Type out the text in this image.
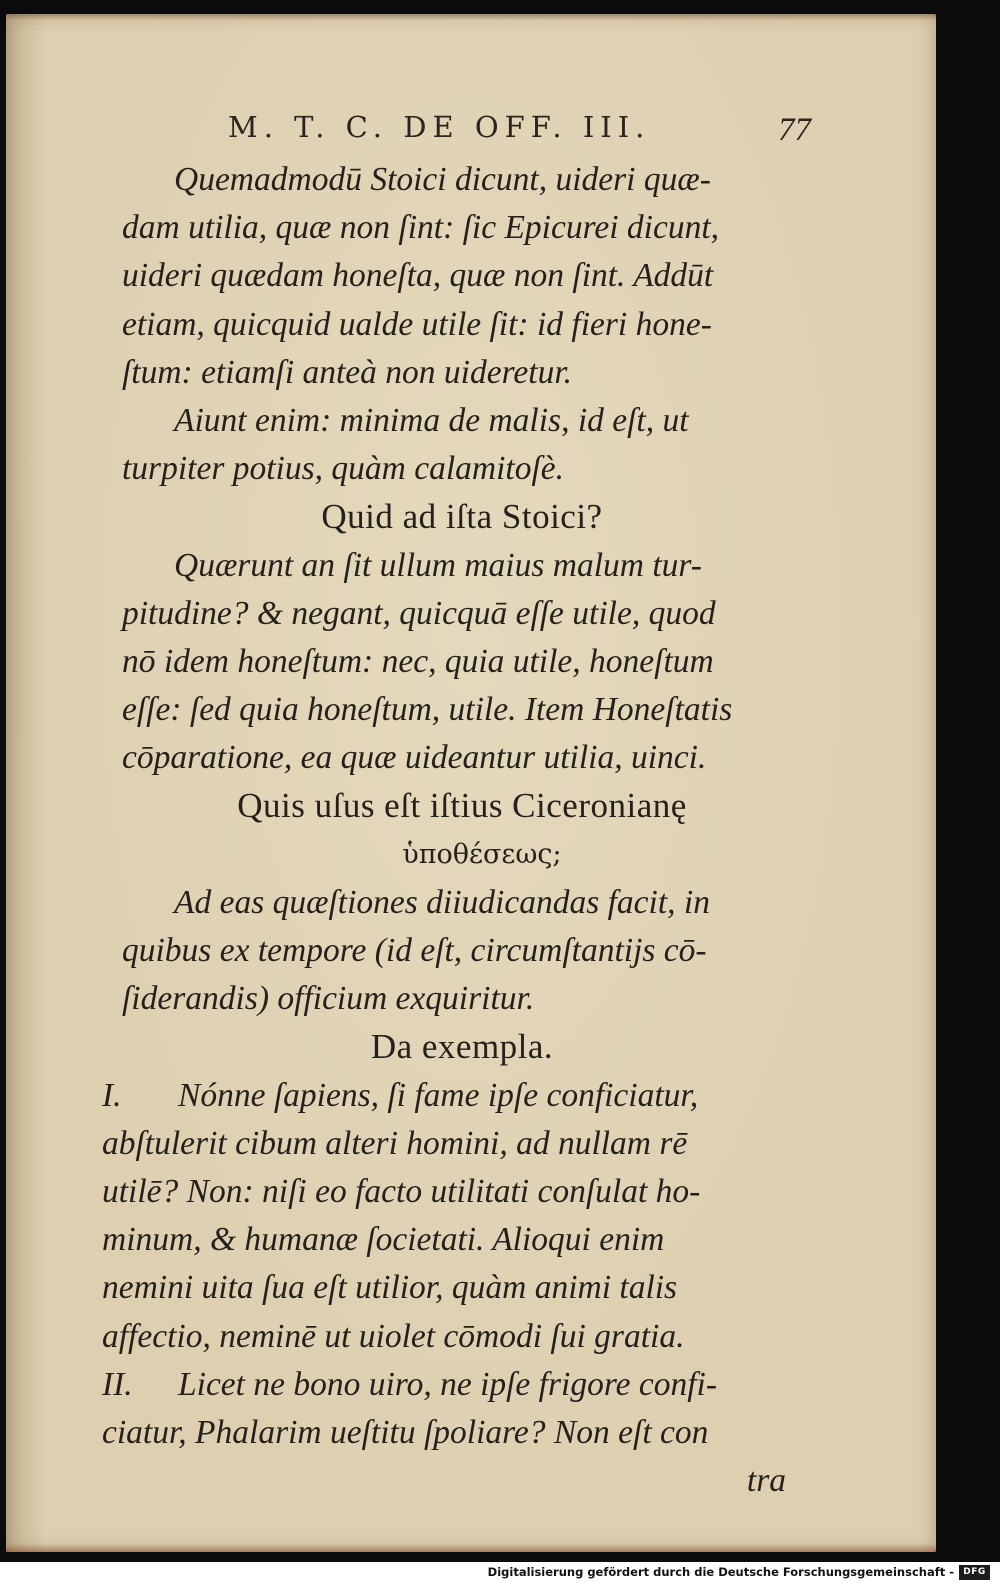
M. T. C. DE OFF. III.	77
Quemadmodū Stoici dicunt, uideri quæ-
dam utilia, quæ non ſint: ſic Epicurei dicunt,
uideri quædam honeſta, quæ non ſint. Addūt
etiam, quicquid ualde utile ſit: id fieri hone-
ſtum: etiamſi anteà non uideretur.
Aiunt enim: minima de malis, id eſt, ut
turpiter potius, quàm calamitoſè.
Quid ad iſta Stoici?
Quærunt an ſit ullum maius malum tur-
pitudine? & negant, quicquā eſſe utile, quod
nō idem honeſtum: nec, quia utile, honeſtum
eſſe: ſed quia honeſtum, utile. Item Honeſtatis
cōparatione, ea quæ uideantur utilia, uinci.
Quis uſus eſt iſtius Ciceronianę
ὑποθέσεως;
Ad eas quæſtiones diiudicandas facit, in
quibus ex tempore (id eſt, circumſtantijs cō-
ſiderandis) officium exquiritur.
Da exempla.
I. Nónne ſapiens, ſi fame ipſe conficiatur,
abſtulerit cibum alteri homini, ad nullam rē
utilē? Non: niſi eo facto utilitati conſulat ho-
minum, & humanæ ſocietati. Alioqui enim
nemini uita ſua eſt utilior, quàm animi talis
affectio, neminē ut uiolet cōmodi ſui gratia.
II. Licet ne bono uiro, ne ipſe frigore confi-
ciatur, Phalarim ueſtitu ſpoliare? Non eſt con
tra
Digitalisierung gefördert durch die Deutsche Forschungsgemeinschaft -	DFG
